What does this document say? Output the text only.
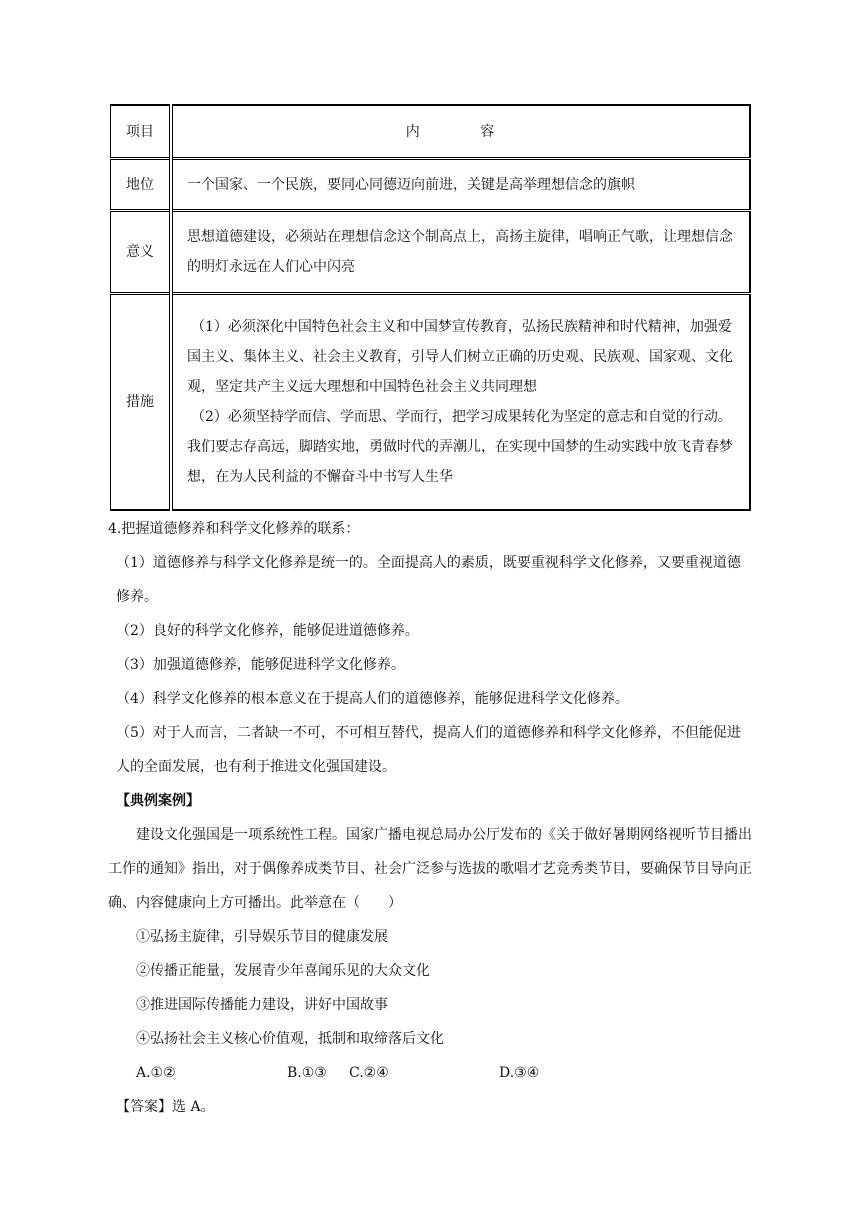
项目	内 容
地位	一个国家、一个民族，要同心同德迈向前进，关键是高举理想信念的旗帜
意义	思想道德建设，必须站在理想信念这个制高点上，高扬主旋律，唱响正气歌，让理想信念的明灯永远在人们心中闪亮
措施	（1）必须深化中国特色社会主义和中国梦宣传教育，弘扬民族精神和时代精神，加强爱国主义、集体主义、社会主义教育，引导人们树立正确的历史观、民族观、国家观、文化观，坚定共产主义远大理想和中国特色社会主义共同理想

（2）必须坚持学而信、学而思、学而行，把学习成果转化为坚定的意志和自觉的行动。我们要志存高远，脚踏实地，勇做时代的弄潮儿，在实现中国梦的生动实践中放飞青春梦想，在为人民利益的不懈奋斗中书写人生华

4.把握道德修养和科学文化修养的联系：

（1）道德修养与科学文化修养是统一的。全面提高人的素质，既要重视科学文化修养，又要重视道德修养。

（2）良好的科学文化修养，能够促进道德修养。

（3）加强道德修养，能够促进科学文化修养。

（4）科学文化修养的根本意义在于提高人们的道德修养，能够促进科学文化修养。

（5）对于人而言，二者缺一不可，不可相互替代，提高人们的道德修养和科学文化修养，不但能促进人的全面发展，也有利于推进文化强国建设。

【典例案例】

建设文化强国是一项系统性工程。国家广播电视总局办公厅发布的《关于做好暑期网络视听节目播出工作的通知》指出，对于偶像养成类节目、社会广泛参与选拔的歌唱才艺竞秀类节目，要确保节目导向正确、内容健康向上方可播出。此举意在（　　）

①弘扬主旋律，引导娱乐节目的健康发展

②传播正能量，发展青少年喜闻乐见的大众文化

③推进国际传播能力建设，讲好中国故事

④弘扬社会主义核心价值观，抵制和取缔落后文化

A.①②	B.①③	C.②④	D.③④

【答案】选 A。
